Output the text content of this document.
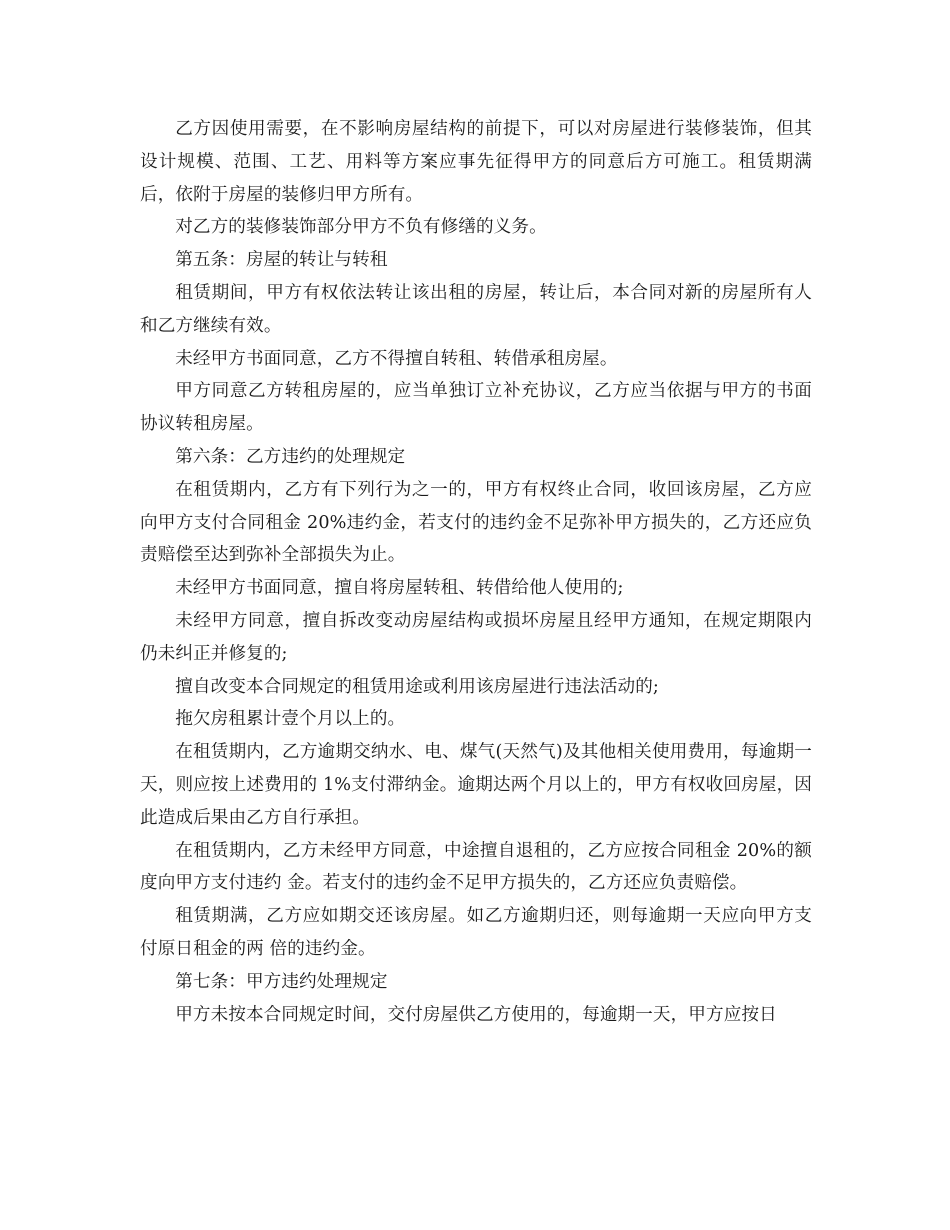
乙方因使用需要，在不影响房屋结构的前提下，可以对房屋进行装修装饰，但其设计规模、范围、工艺、用料等方案应事先征得甲方的同意后方可施工。租赁期满后，依附于房屋的装修归甲方所有。

对乙方的装修装饰部分甲方不负有修缮的义务。

第五条：房屋的转让与转租

租赁期间，甲方有权依法转让该出租的房屋，转让后，本合同对新的房屋所有人和乙方继续有效。

未经甲方书面同意，乙方不得擅自转租、转借承租房屋。

甲方同意乙方转租房屋的，应当单独订立补充协议，乙方应当依据与甲方的书面协议转租房屋。

第六条：乙方违约的处理规定

在租赁期内，乙方有下列行为之一的，甲方有权终止合同，收回该房屋，乙方应向甲方支付合同租金 20%违约金，若支付的违约金不足弥补甲方损失的，乙方还应负责赔偿至达到弥补全部损失为止。

未经甲方书面同意，擅自将房屋转租、转借给他人使用的;

未经甲方同意，擅自拆改变动房屋结构或损坏房屋且经甲方通知，在规定期限内仍未纠正并修复的;

擅自改变本合同规定的租赁用途或利用该房屋进行违法活动的;

拖欠房租累计壹个月以上的。

在租赁期内，乙方逾期交纳水、电、煤气(天然气)及其他相关使用费用，每逾期一天，则应按上述费用的 1%支付滞纳金。逾期达两个月以上的，甲方有权收回房屋，因此造成后果由乙方自行承担。

在租赁期内，乙方未经甲方同意，中途擅自退租的，乙方应按合同租金 20%的额度向甲方支付违约 金。若支付的违约金不足甲方损失的，乙方还应负责赔偿。

租赁期满，乙方应如期交还该房屋。如乙方逾期归还，则每逾期一天应向甲方支付原日租金的两 倍的违约金。

第七条：甲方违约处理规定

甲方未按本合同规定时间，交付房屋供乙方使用的，每逾期一天，甲方应按日
